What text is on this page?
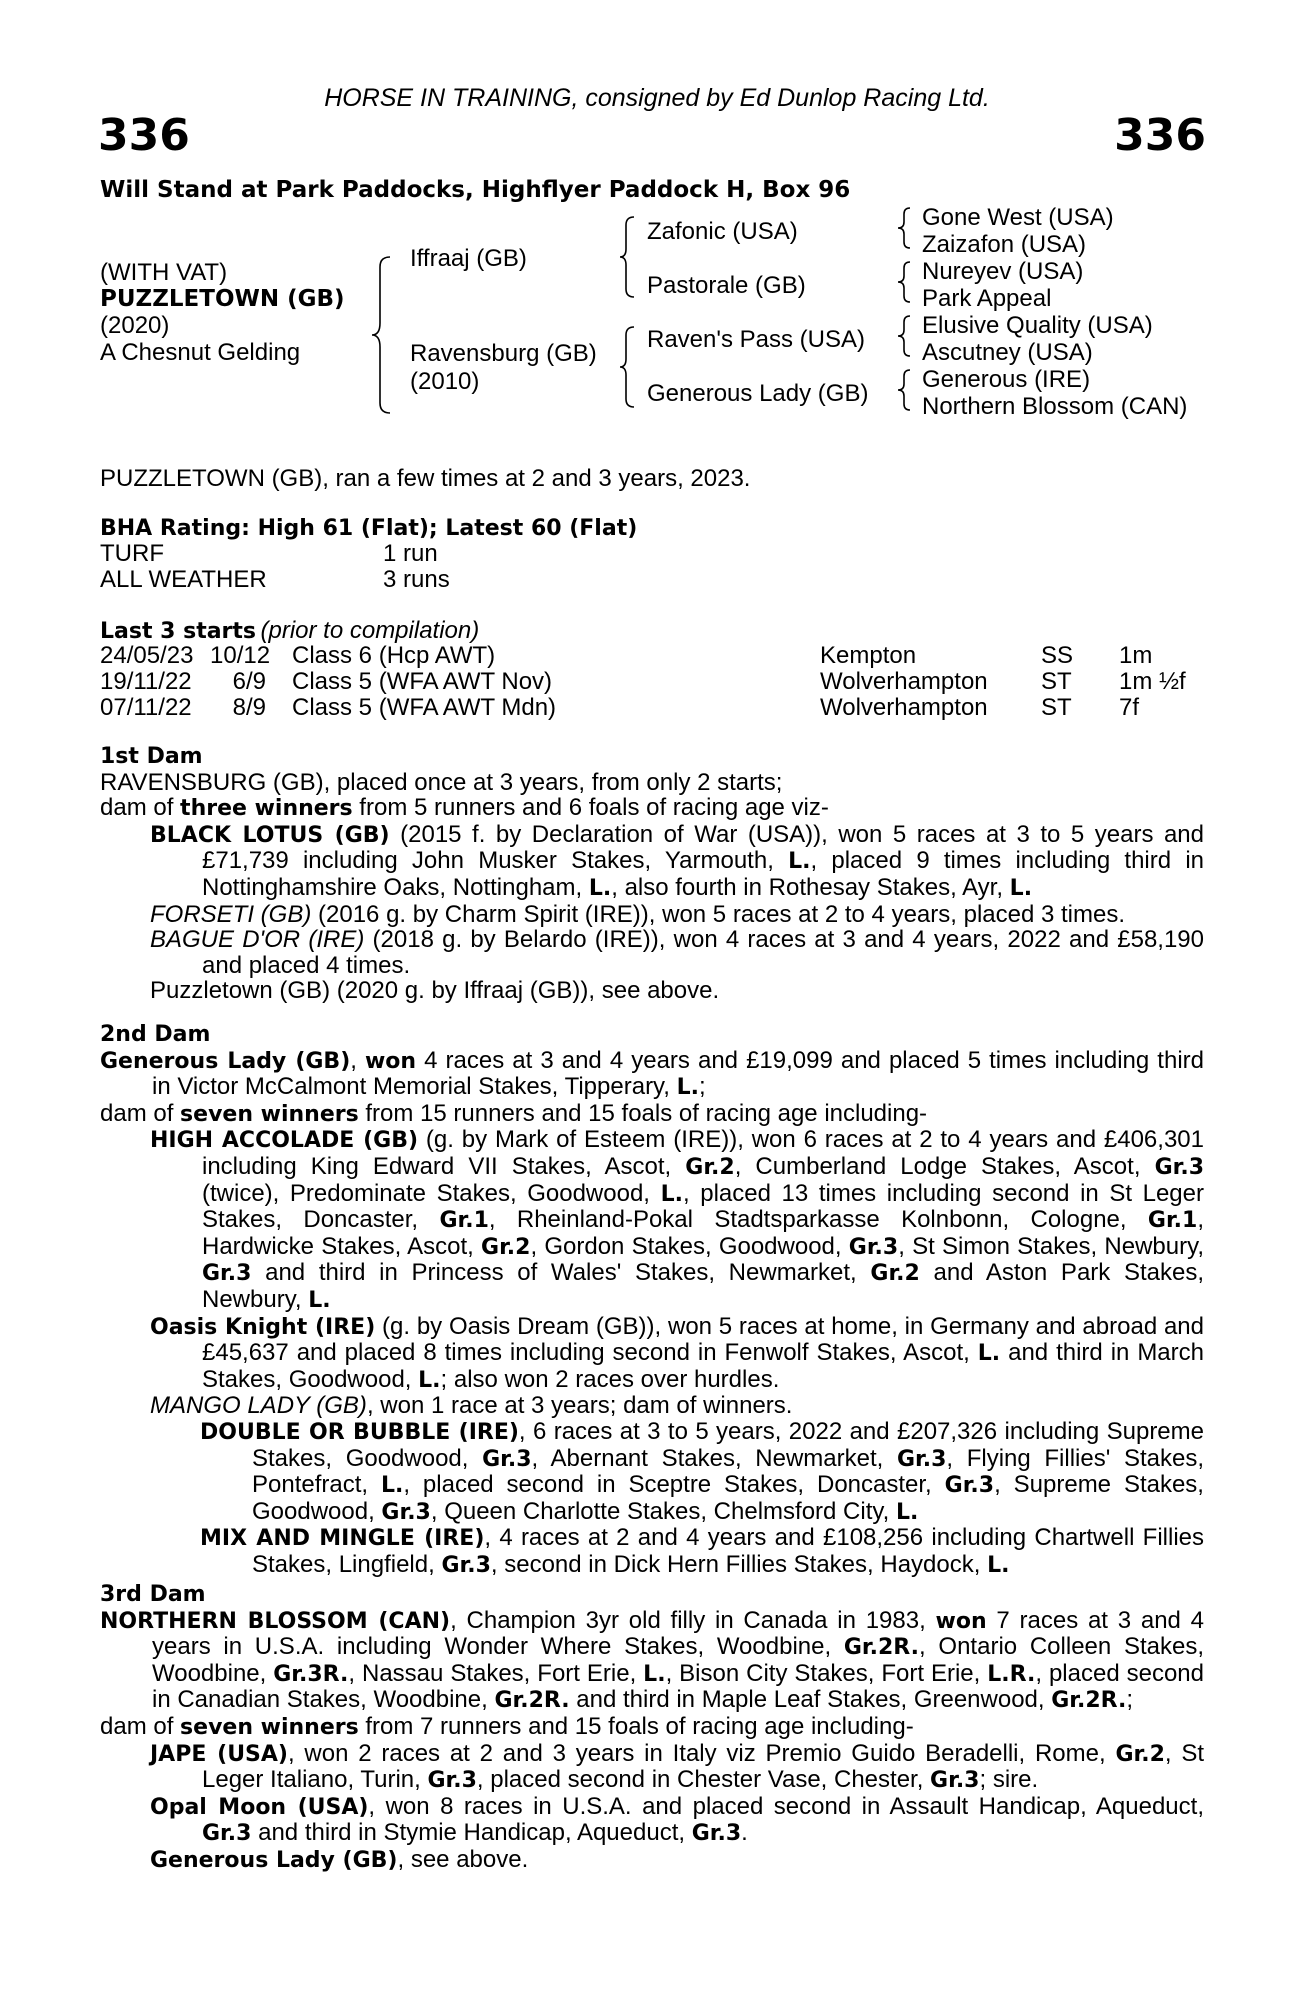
HORSE IN TRAINING, consigned by Ed Dunlop Racing Ltd.
336	336
Will Stand at Park Paddocks, Highflyer Paddock H, Box 96
(WITH VAT)
PUZZLETOWN (GB)
(2020)
A Chesnut Gelding
Iffraaj (GB)
Ravensburg (GB)
(2010)
Zafonic (USA)
Pastorale (GB)
Raven's Pass (USA)
Generous Lady (GB)
Gone West (USA)
Zaizafon (USA)
Nureyev (USA)
Park Appeal
Elusive Quality (USA)
Ascutney (USA)
Generous (IRE)
Northern Blossom (CAN)
PUZZLETOWN (GB), ran a few times at 2 and 3 years, 2023.
BHA Rating: High 61 (Flat); Latest 60 (Flat)
TURF	1 run
ALL WEATHER	3 runs
Last 3 starts (prior to compilation)
24/05/23 10/12 Class 6 (Hcp AWT)	Kempton	SS 1m
19/11/22	6/9 Class 5 (WFA AWT Nov)	Wolverhampton ST 1m ½f
07/11/22	8/9 Class 5 (WFA AWT Mdn)	Wolverhampton ST 7f

1st Dam

RAVENSBURG (GB), placed once at 3 years, from only 2 starts;

dam of three winners from 5 runners and 6 foals of racing age viz-

BLACK LOTUS (GB) (2015 f. by Declaration of War (USA)), won 5 races at 3 to 5 years and £71,739 including John Musker Stakes, Yarmouth, L., placed 9 times including third in Nottinghamshire Oaks, Nottingham, L., also fourth in Rothesay Stakes, Ayr, L.

FORSETI (GB) (2016 g. by Charm Spirit (IRE)), won 5 races at 2 to 4 years, placed 3 times.

BAGUE D'OR (IRE) (2018 g. by Belardo (IRE)), won 4 races at 3 and 4 years, 2022 and £58,190 and placed 4 times.

Puzzletown (GB) (2020 g. by Iffraaj (GB)), see above.

2nd Dam

Generous Lady (GB), won 4 races at 3 and 4 years and £19,099 and placed 5 times including third in Victor McCalmont Memorial Stakes, Tipperary, L.;

dam of seven winners from 15 runners and 15 foals of racing age including-

HIGH ACCOLADE (GB) (g. by Mark of Esteem (IRE)), won 6 races at 2 to 4 years and £406,301 including King Edward VII Stakes, Ascot, Gr.2, Cumberland Lodge Stakes, Ascot, Gr.3 (twice), Predominate Stakes, Goodwood, L., placed 13 times including second in St Leger Stakes, Doncaster, Gr.1, Rheinland-Pokal Stadtsparkasse Kolnbonn, Cologne, Gr.1, Hardwicke Stakes, Ascot, Gr.2, Gordon Stakes, Goodwood, Gr.3, St Simon Stakes, Newbury, Gr.3 and third in Princess of Wales' Stakes, Newmarket, Gr.2 and Aston Park Stakes, Newbury, L.

Oasis Knight (IRE) (g. by Oasis Dream (GB)), won 5 races at home, in Germany and abroad and £45,637 and placed 8 times including second in Fenwolf Stakes, Ascot, L. and third in March Stakes, Goodwood, L.; also won 2 races over hurdles.

MANGO LADY (GB), won 1 race at 3 years; dam of winners.

DOUBLE OR BUBBLE (IRE), 6 races at 3 to 5 years, 2022 and £207,326 including Supreme Stakes, Goodwood, Gr.3, Abernant Stakes, Newmarket, Gr.3, Flying Fillies' Stakes, Pontefract, L., placed second in Sceptre Stakes, Doncaster, Gr.3, Supreme Stakes, Goodwood, Gr.3, Queen Charlotte Stakes, Chelmsford City, L.

MIX AND MINGLE (IRE), 4 races at 2 and 4 years and £108,256 including Chartwell Fillies Stakes, Lingfield, Gr.3, second in Dick Hern Fillies Stakes, Haydock, L.

3rd Dam

NORTHERN BLOSSOM (CAN), Champion 3yr old filly in Canada in 1983, won 7 races at 3 and 4 years in U.S.A. including Wonder Where Stakes, Woodbine, Gr.2R., Ontario Colleen Stakes, Woodbine, Gr.3R., Nassau Stakes, Fort Erie, L., Bison City Stakes, Fort Erie, L.R., placed second in Canadian Stakes, Woodbine, Gr.2R. and third in Maple Leaf Stakes, Greenwood, Gr.2R.;

dam of seven winners from 7 runners and 15 foals of racing age including-

JAPE (USA), won 2 races at 2 and 3 years in Italy viz Premio Guido Beradelli, Rome, Gr.2, St Leger Italiano, Turin, Gr.3, placed second in Chester Vase, Chester, Gr.3; sire.

Opal Moon (USA), won 8 races in U.S.A. and placed second in Assault Handicap, Aqueduct, Gr.3 and third in Stymie Handicap, Aqueduct, Gr.3.

Generous Lady (GB), see above.
